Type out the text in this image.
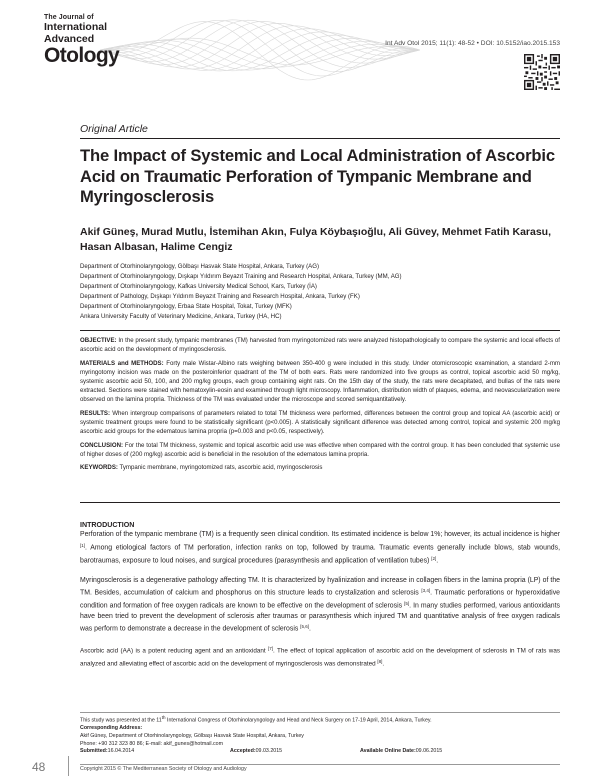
The Journal of
International
Advanced
Otology
Int Adv Otol 2015; 11(1): 48-52 • DOI: 10.5152/iao.2015.153
Original Article
The Impact of Systemic and Local Administration of Ascorbic Acid on Traumatic Perforation of Tympanic Membrane and Myringosclerosis
Akif Güneş, Murad Mutlu, İstemihan Akın, Fulya Köybaşıoğlu, Ali Güvey, Mehmet Fatih Karasu,
Hasan Albasan, Halime Cengiz
Department of Otorhinolaryngology, Gölbaşı Hasvak State Hospital, Ankara, Turkey (AG)
Department of Otorhinolaryngology, Dışkapı Yıldırım Beyazıt Training and Research Hospital, Ankara, Turkey (MM, AG)
Department of Otorhinolaryngology, Kafkas University Medical School, Kars, Turkey (İA)
Department of Pathology, Dışkapı Yıldırım Beyazıt Training and Research Hospital, Ankara, Turkey (FK)
Department of Otorhinolaryngology, Erbaa State Hospital, Tokat, Turkey (MFK)
Ankara University Faculty of Veterinary Medicine, Ankara, Turkey (HA, HC)

OBJECTIVE: In the present study, tympanic membranes (TM) harvested from myringotomized rats were analyzed histopathologically to compare the systemic and local effects of ascorbic acid on the development of myringosclerosis.

MATERIALS and METHODS: Forty male Wistar-Albino rats weighing between 350-400 g were included in this study. Under otomicroscopic examination, a standard 2-mm myringotomy incision was made on the posteroinferior quadrant of the TM of both ears. Rats were randomized into five groups as control, topical ascorbic acid 50 mg/kg, systemic ascorbic acid 50, 100, and 200 mg/kg groups, each group containing eight rats. On the 15th day of the study, the rats were decapitated, and bullas of the rats were extracted. Sections were stained with hematoxylin-eosin and examined through light microscopy. Inflammation, distribution width of plaques, edema, and neovascularization were observed on the lamina propria. Thickness of the TM was evaluated under the microscope and scored semiquantitatively.

RESULTS: When intergroup comparisons of parameters related to total TM thickness were performed, differences between the control group and topical AA (ascorbic acid) or systemic treatment groups were found to be statistically significant (p<0.005). A statistically significant difference was detected among control, topical and systemic 200 mg/kg ascorbic acid groups for the edematous lamina propria (p=0.003 and p<0.05, respectively).

CONCLUSION: For the total TM thickness, systemic and topical ascorbic acid use was effective when compared with the control group. It has been concluded that systemic use of higher doses of (200 mg/kg) ascorbic acid is beneficial in the resolution of the edematous lamina propria.

KEYWORDS: Tympanic membrane, myringotomized rats, ascorbic acid, myringosclerosis

INTRODUCTION

Perforation of the tympanic membrane (TM) is a frequently seen clinical condition. Its estimated incidence is below 1%; however, its actual incidence is higher [1]. Among etiological factors of TM perforation, infection ranks on top, followed by trauma. Traumatic events generally include blows, stab wounds, barotraumas, exposure to loud noises, and surgical procedures (parasynthesis and application of ventilation tubes) [2].

Myringosclerosis is a degenerative pathology affecting TM. It is characterized by hyalinization and increase in collagen fibers in the lamina propria (LP) of the TM. Besides, accumulation of calcium and phosphorus on this structure leads to crystalization and sclerosis [3,4]. Traumatic perforations or hyperoxidative condition and formation of free oxygen radicals are known to be effective on the development of sclerosis [5]. In many studies performed, various antioxidants have been tried to prevent the development of sclerosis after traumas or parasynthesis which injured TM and quantitative analysis of free oxygen radicals was perform to demonstrate a decrease in the development of sclerosis [5,6].

Ascorbic acid (AA) is a potent reducing agent and an antioxidant [7]. The effect of topical application of ascorbic acid on the development of sclerosis in TM of rats was analyzed and alleviating effect of ascorbic acid on the development of myringosclerosis was demonstrated [8].

This study was presented at the 11th International Congress of Otorhinolaryngology and Head and Neck Surgery on 17-19 April, 2014, Ankara, Turkey.
Corresponding Address:
Akif Güneş, Department of Otorhinolaryngology, Gölbaşı Hasvak State Hospital, Ankara, Turkey
Phone: +90 312 323 80 86; E-mail: akif_gunes@hotmail.com
Submitted:16.04.2014	Accepted:09.03.2015	Available Online Date:09.06.2015
Copyright 2015 © The Mediterranean Society of Otology and Audiology
48
